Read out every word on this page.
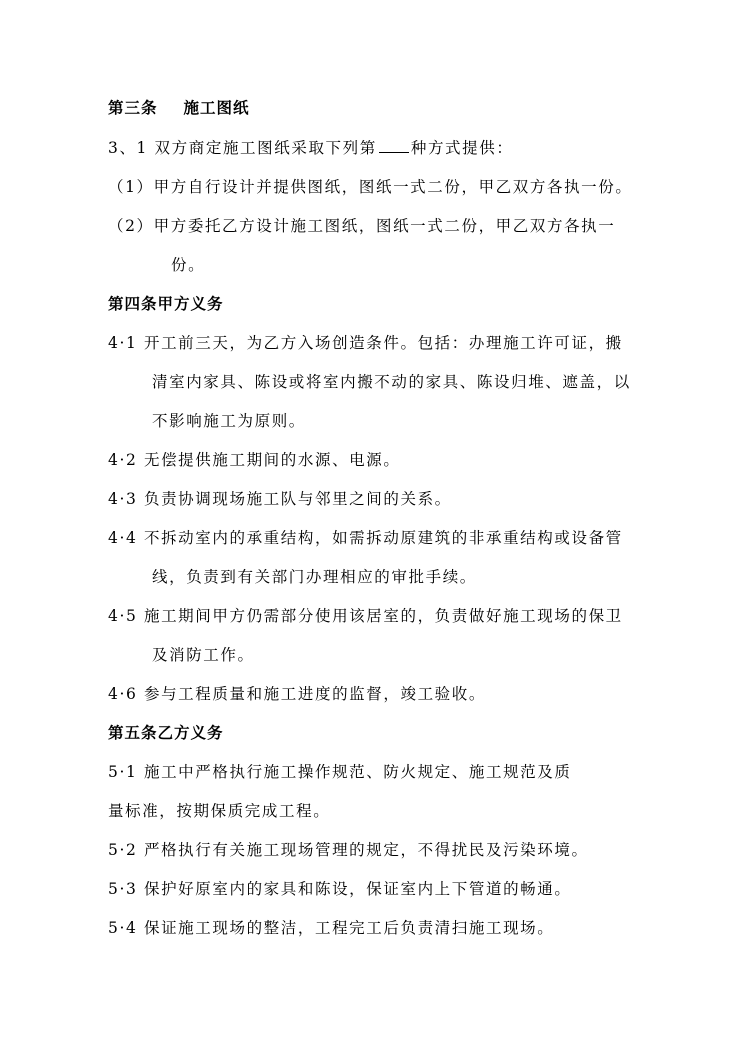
第三条 施工图纸
3、1 双方商定施工图纸采取下列第 种方式提供：
（1）甲方自行设计并提供图纸，图纸一式二份，甲乙双方各执一份。
（2）甲方委托乙方设计施工图纸，图纸一式二份，甲乙双方各执一
份。
第四条甲方义务
4·1 开工前三天，为乙方入场创造条件。包括：办理施工许可证，搬
清室内家具、陈设或将室内搬不动的家具、陈设归堆、遮盖，以
不影响施工为原则。
4·2 无偿提供施工期间的水源、电源。
4·3 负责协调现场施工队与邻里之间的关系。
4·4 不拆动室内的承重结构，如需拆动原建筑的非承重结构或设备管
线，负责到有关部门办理相应的审批手续。
4·5 施工期间甲方仍需部分使用该居室的，负责做好施工现场的保卫
及消防工作。
4·6 参与工程质量和施工进度的监督，竣工验收。
第五条乙方义务
5·1 施工中严格执行施工操作规范、防火规定、施工规范及质
量标准，按期保质完成工程。
5·2 严格执行有关施工现场管理的规定，不得扰民及污染环境。
5·3 保护好原室内的家具和陈设，保证室内上下管道的畅通。
5·4 保证施工现场的整洁，工程完工后负责清扫施工现场。
